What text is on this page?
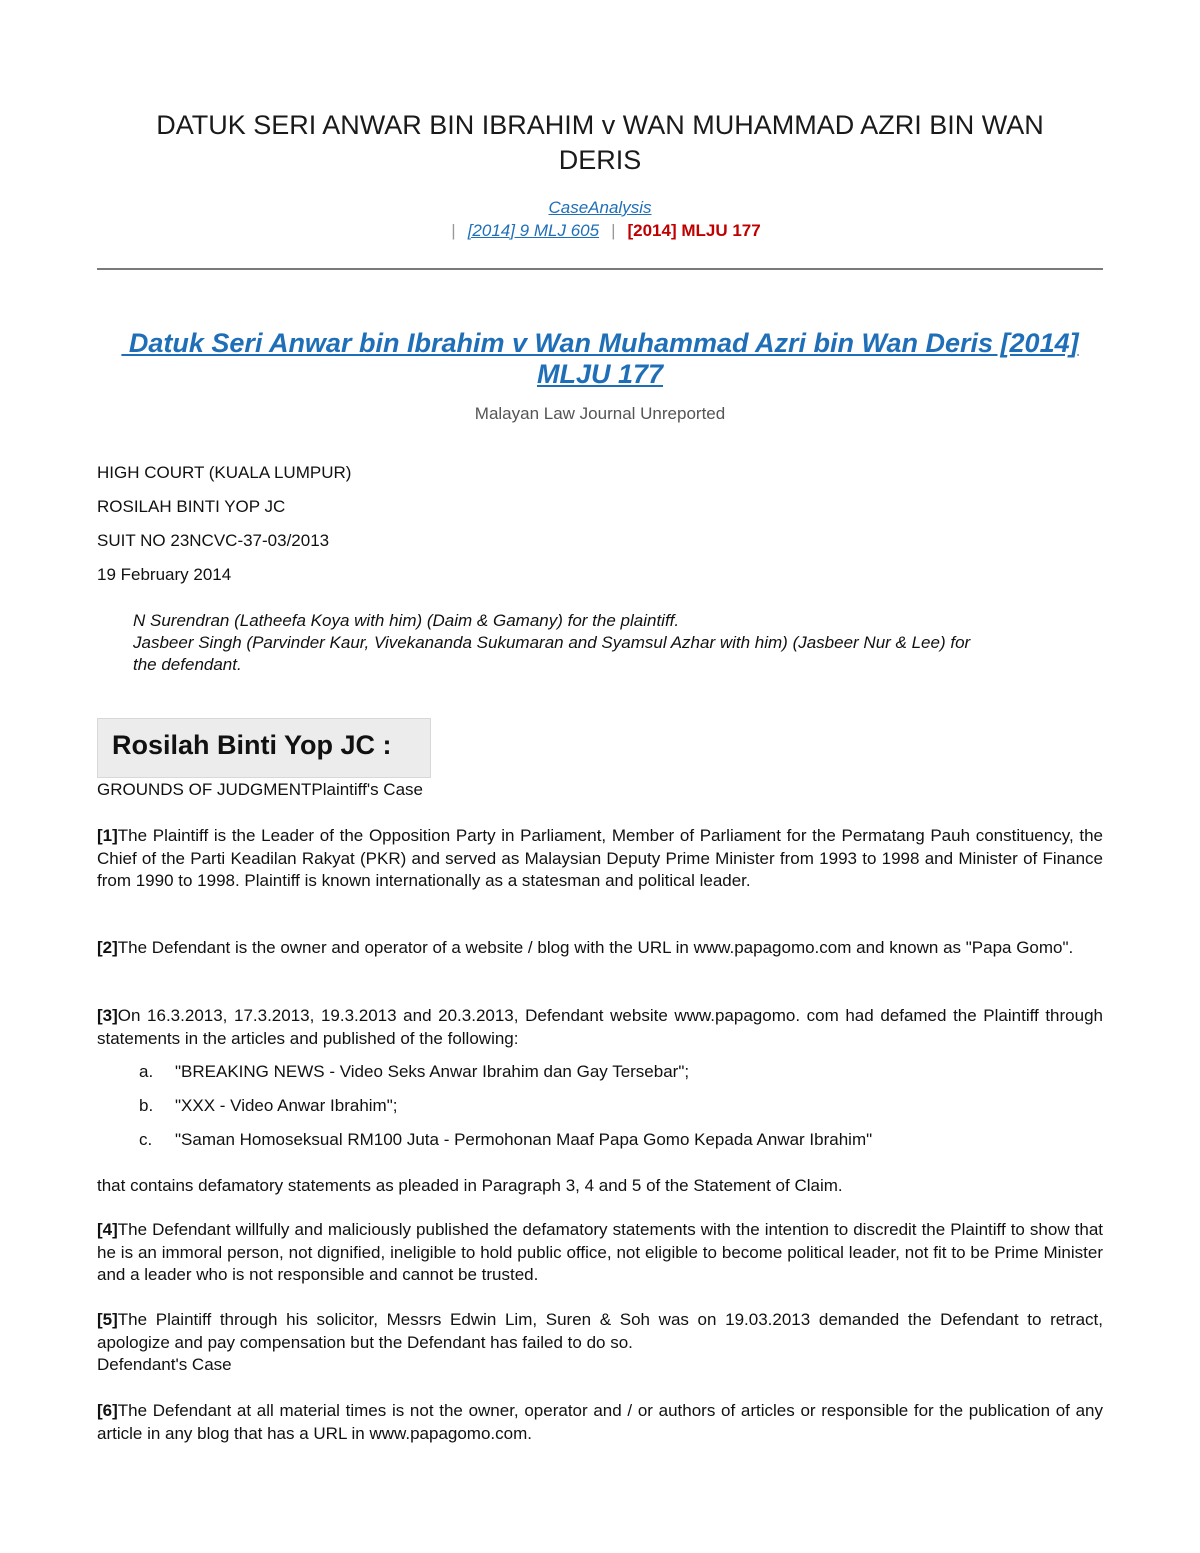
DATUK SERI ANWAR BIN IBRAHIM v WAN MUHAMMAD AZRI BIN WAN
DERIS
CaseAnalysis
| [2014] 9 MLJ 605 | [2014] MLJU 177
Datuk Seri Anwar bin Ibrahim v Wan Muhammad Azri bin Wan Deris [2014]
MLJU 177
Malayan Law Journal Unreported
HIGH COURT (KUALA LUMPUR)
ROSILAH BINTI YOP JC
SUIT NO 23NCVC-37-03/2013
19 February 2014
N Surendran (Latheefa Koya with him) (Daim & Gamany) for the plaintiff.
Jasbeer Singh (Parvinder Kaur, Vivekananda Sukumaran and Syamsul Azhar with him) (Jasbeer Nur & Lee) for
the defendant.
Rosilah Binti Yop JC :
GROUNDS OF JUDGMENTPlaintiff's Case
[1]The Plaintiff is the Leader of the Opposition Party in Parliament, Member of Parliament for the Permatang Pauh constituency, the Chief of the Parti Keadilan Rakyat (PKR) and served as Malaysian Deputy Prime Minister from 1993 to 1998 and Minister of Finance from 1990 to 1998. Plaintiff is known internationally as a statesman and political leader.
[2]The Defendant is the owner and operator of a website / blog with the URL in www.papagomo.com and known as "Papa Gomo".
[3]On 16.3.2013, 17.3.2013, 19.3.2013 and 20.3.2013, Defendant website www.papagomo. com had defamed the Plaintiff through statements in the articles and published of the following:
a. "BREAKING NEWS - Video Seks Anwar Ibrahim dan Gay Tersebar";
b. "XXX - Video Anwar Ibrahim";
c. "Saman Homoseksual RM100 Juta - Permohonan Maaf Papa Gomo Kepada Anwar Ibrahim"
that contains defamatory statements as pleaded in Paragraph 3, 4 and 5 of the Statement of Claim.
[4]The Defendant willfully and maliciously published the defamatory statements with the intention to discredit the Plaintiff to show that he is an immoral person, not dignified, ineligible to hold public office, not eligible to become political leader, not fit to be Prime Minister and a leader who is not responsible and cannot be trusted.
[5]The Plaintiff through his solicitor, Messrs Edwin Lim, Suren & Soh was on 19.03.2013 demanded the Defendant to retract, apologize and pay compensation but the Defendant has failed to do so.
Defendant's Case
[6]The Defendant at all material times is not the owner, operator and / or authors of articles or responsible for the publication of any article in any blog that has a URL in www.papagomo.com.
